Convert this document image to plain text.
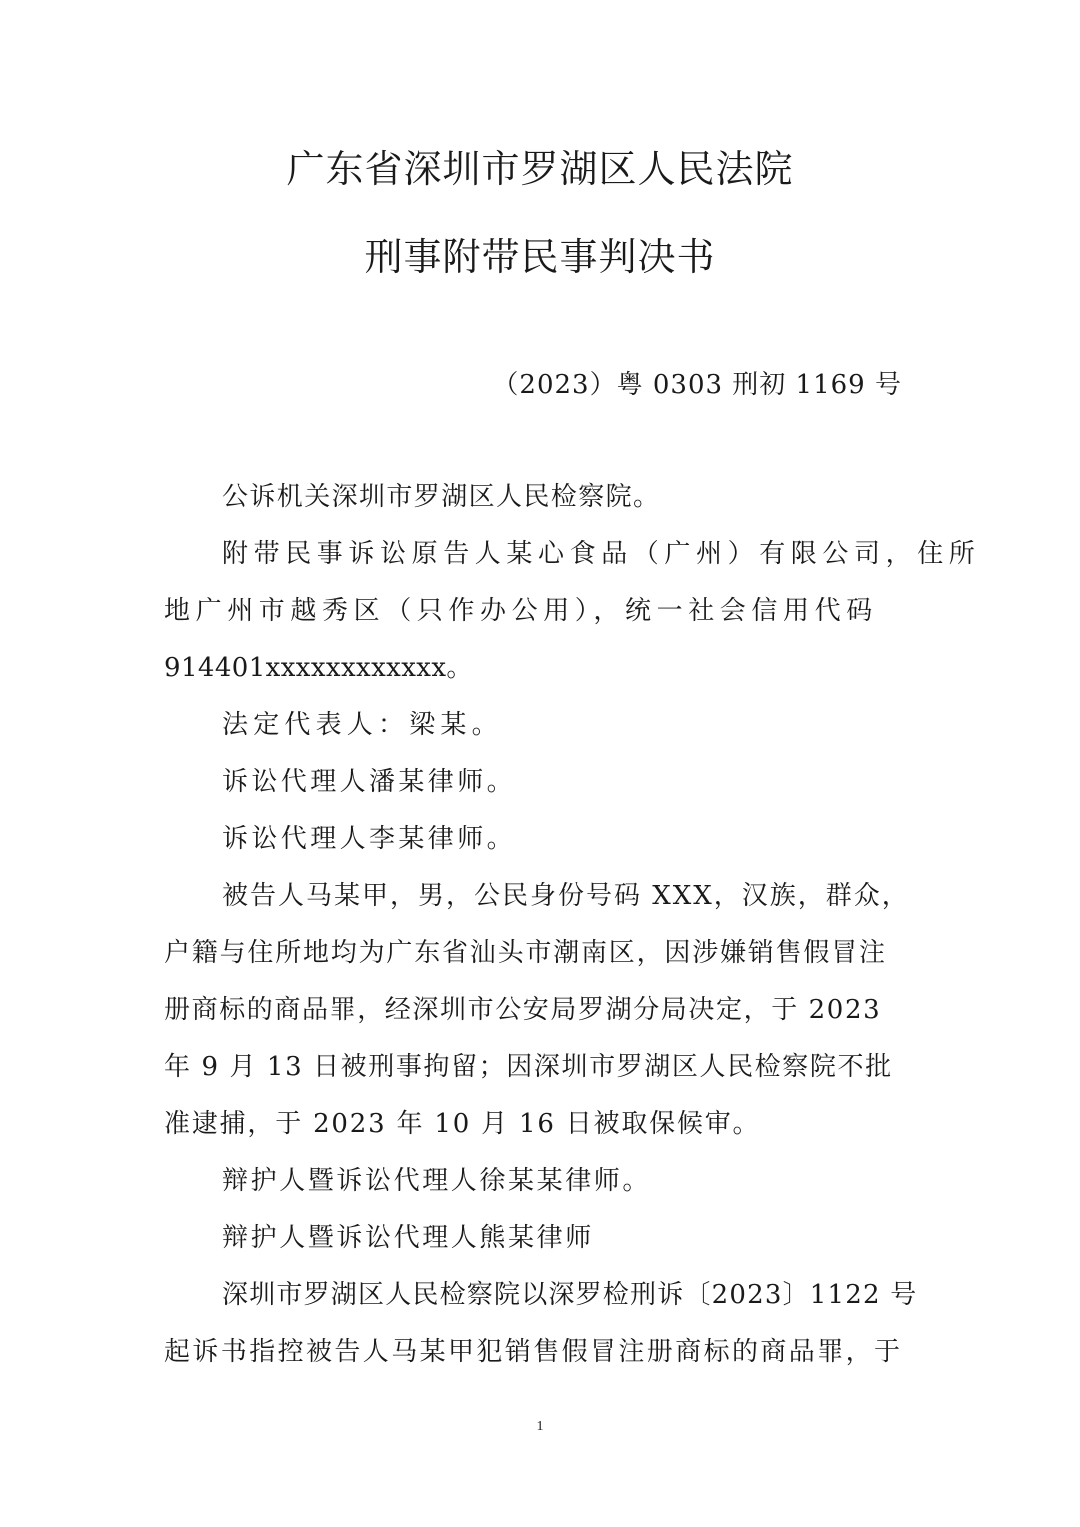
广东省深圳市罗湖区人民法院
刑事附带民事判决书
（2023）粤 0303 刑初 1169 号
公诉机关深圳市罗湖区人民检察院。
附带民事诉讼原告人某心食品（广州）有限公司，住所
地广州市越秀区（只作办公用），统一社会信用代码
914401xxxxxxxxxxxx。
法定代表人：梁某。
诉讼代理人潘某律师。
诉讼代理人李某律师。
被告人马某甲，男，公民身份号码 XXX，汉族，群众，
户籍与住所地均为广东省汕头市潮南区，因涉嫌销售假冒注
册商标的商品罪，经深圳市公安局罗湖分局决定，于 2023
年 9 月 13 日被刑事拘留；因深圳市罗湖区人民检察院不批
准逮捕，于 2023 年 10 月 16 日被取保候审。
辩护人暨诉讼代理人徐某某律师。
辩护人暨诉讼代理人熊某律师
深圳市罗湖区人民检察院以深罗检刑诉〔2023〕1122 号
起诉书指控被告人马某甲犯销售假冒注册商标的商品罪，于
1
